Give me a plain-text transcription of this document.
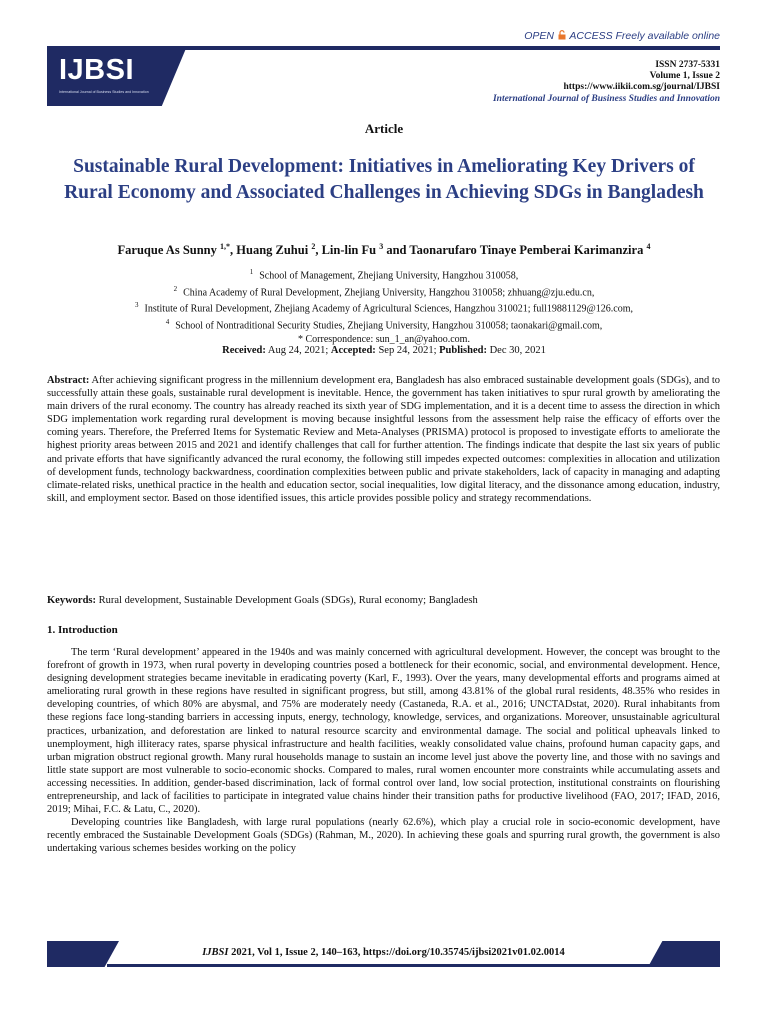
OPEN ACCESS Freely available online
IJBSI
International Journal of Business Studies and Innovation
ISSN 2737-5331
Volume 1, Issue 2
https://www.iikii.com.sg/journal/IJBSI
International Journal of Business Studies and Innovation
Article
Sustainable Rural Development: Initiatives in Ameliorating Key Drivers of Rural Economy and Associated Challenges in Achieving SDGs in Bangladesh
Faruque As Sunny $^{1,*}$, Huang Zuhui $^2$, Lin-lin Fu $^3$ and Taonarufaro Tinaye Pemberai Karimanzira $^4$
$^1$ School of Management, Zhejiang University, Hangzhou 310058,
$^2$ China Academy of Rural Development, Zhejiang University, Hangzhou 310058; zhhuang@zju.edu.cn,
$^3$ Institute of Rural Development, Zhejiang Academy of Agricultural Sciences, Hangzhou 310021; full19881129@126.com,
$^4$ School of Nontraditional Security Studies, Zhejiang University, Hangzhou 310058; taonakari@gmail.com,
* Correspondence: sun_1_an@yahoo.com.
Received: Aug 24, 2021; Accepted: Sep 24, 2021; Published: Dec 30, 2021
Abstract: After achieving significant progress in the millennium development era, Bangladesh has also embraced sustainable development goals (SDGs), and to successfully attain these goals, sustainable rural development is inevitable. Hence, the government has taken initiatives to spur rural growth by ameliorating the main drivers of the rural economy. The country has already reached its sixth year of SDG implementation, and it is a decent time to assess the direction in which SDG implementation work regarding rural development is moving because insightful lessons from the assessment help raise the efficacy of efforts over the coming years. Therefore, the Preferred Items for Systematic Review and Meta-Analyses (PRISMA) protocol is proposed to investigate efforts to ameliorate the highest priority areas between 2015 and 2021 and identify challenges that call for further attention. The findings indicate that despite the last six years of public and private efforts that have significantly advanced the rural economy, the following still impedes expected outcomes: complexities in allocation and utilization of development funds, technology backwardness, coordination complexities between public and private stakeholders, lack of capacity in managing and adapting climate-related risks, unethical practice in the health and education sector, social inequalities, low digital literacy, and the dissonance among education, industry, skill, and employment sector. Based on those identified issues, this article provides possible policy and strategy recommendations.
Keywords: Rural development, Sustainable Development Goals (SDGs), Rural economy; Bangladesh
1. Introduction

The term ‘Rural development’ appeared in the 1940s and was mainly concerned with agricultural development. However, the concept was brought to the forefront of growth in 1973, when rural poverty in developing countries posed a bottleneck for their economic, social, and environmental development. Hence, designing development strategies became inevitable in eradicating poverty (Karl, F., 1993). Over the years, many developmental efforts and programs aimed at ameliorating rural growth in these regions have resulted in significant progress, but still, among 43.81% of the global rural residents, 48.35% who resides in developing countries, of which 80% are abysmal, and 75% are moderately needy (Castaneda, R.A. et al., 2016; UNCTADstat, 2020). Rural inhabitants from these regions face long-standing barriers in accessing inputs, energy, technology, knowledge, services, and organizations. Moreover, unsustainable agricultural practices, urbanization, and deforestation are linked to natural resource scarcity and environmental damage. The social and political upheavals linked to unemployment, high illiteracy rates, sparse physical infrastructure and health facilities, weakly consolidated value chains, profound human capacity gaps, and urban migration obstruct regional growth. Many rural households manage to sustain an income level just above the poverty line, and those with no savings and little state support are most vulnerable to socio-economic shocks. Compared to males, rural women encounter more constraints while accumulating assets and accessing necessities. In addition, gender-based discrimination, lack of formal control over land, low social protection, institutional constraints on flourishing entrepreneurship, and lack of facilities to participate in integrated value chains hinder their transition paths for productive livelihood (FAO, 2017; IFAD, 2016, 2019; Mihai, F.C. & Latu, C., 2020).

Developing countries like Bangladesh, with large rural populations (nearly 62.6%), which play a crucial role in socio-economic development, have recently embraced the Sustainable Development Goals (SDGs) (Rahman, M., 2020). In achieving these goals and spurring rural growth, the government is also undertaking various schemes besides working on the policy

IJBSI 2021, Vol 1, Issue 2, 140–163, https://doi.org/10.35745/ijbsi2021v01.02.0014
